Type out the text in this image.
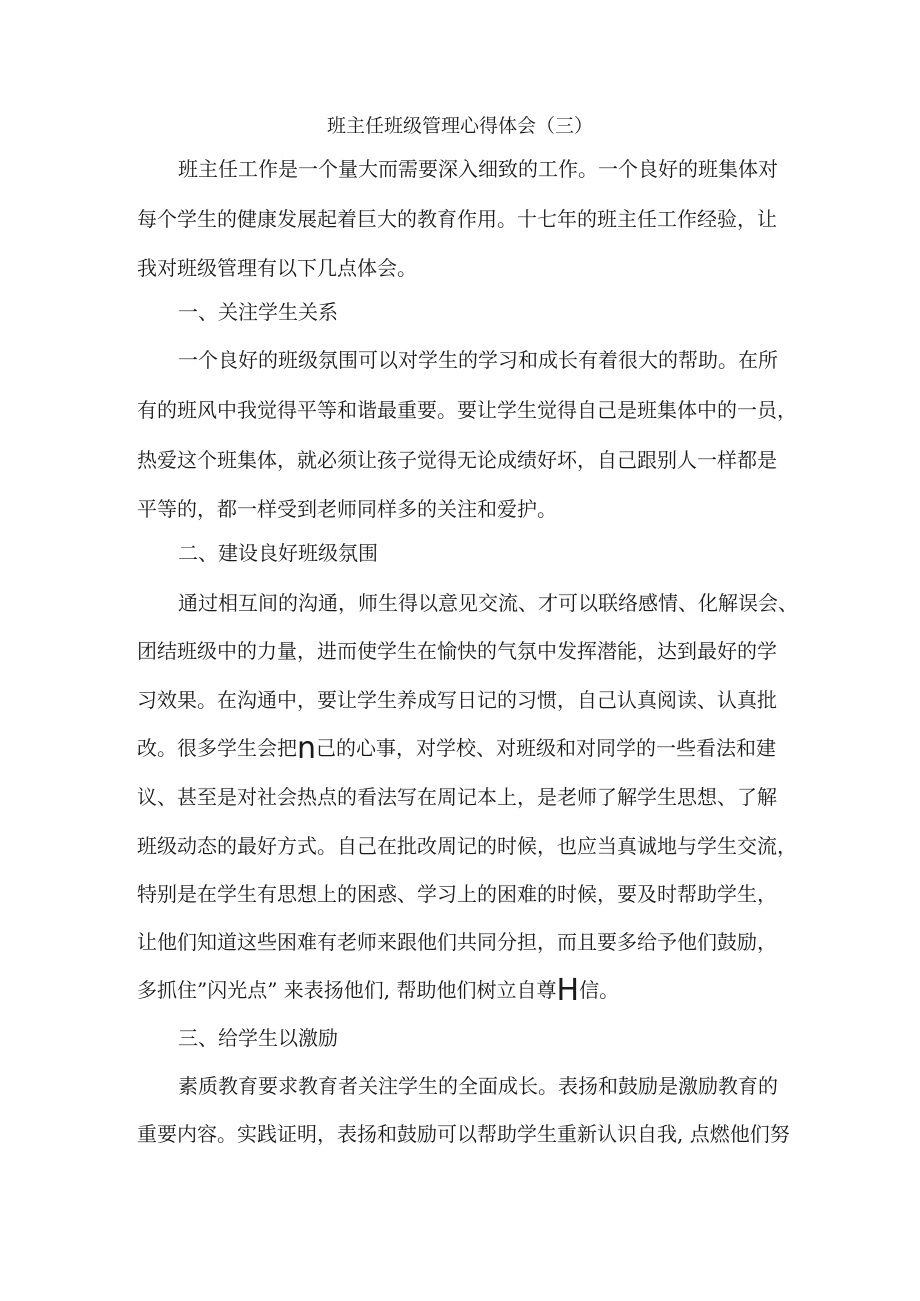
班主任班级管理心得体会（三）
班主任工作是一个量大而需要深入细致的工作。一个良好的班集体对
每个学生的健康发展起着巨大的教育作用。十七年的班主任工作经验，让
我对班级管理有以下几点体会。
一、关注学生关系
一个良好的班级氛围可以对学生的学习和成长有着很大的帮助。在所
有的班风中我觉得平等和谐最重要。要让学生觉得自己是班集体中的一员，
热爱这个班集体，就必须让孩子觉得无论成绩好坏，自己跟别人一样都是
平等的，都一样受到老师同样多的关注和爱护。
二、建设良好班级氛围
通过相互间的沟通，师生得以意见交流、才可以联络感情、化解误会、
团结班级中的力量，进而使学生在愉快的气氛中发挥潜能，达到最好的学
习效果。在沟通中，要让学生养成写日记的习惯，自己认真阅读、认真批
改。很多学生会把n己的心事，对学校、对班级和对同学的一些看法和建
议、甚至是对社会热点的看法写在周记本上，是老师了解学生思想、了解
班级动态的最好方式。自己在批改周记的时候，也应当真诚地与学生交流，
特别是在学生有思想上的困惑、学习上的困难的时候，要及时帮助学生，
让他们知道这些困难有老师来跟他们共同分担，而且要多给予他们鼓励，
多抓住”闪光点” 来表扬他们, 帮助他们树立自尊H信。
三、给学生以激励
素质教育要求教育者关注学生的全面成长。表扬和鼓励是激励教育的
重要内容。实践证明，表扬和鼓励可以帮助学生重新认识自我, 点燃他们努
